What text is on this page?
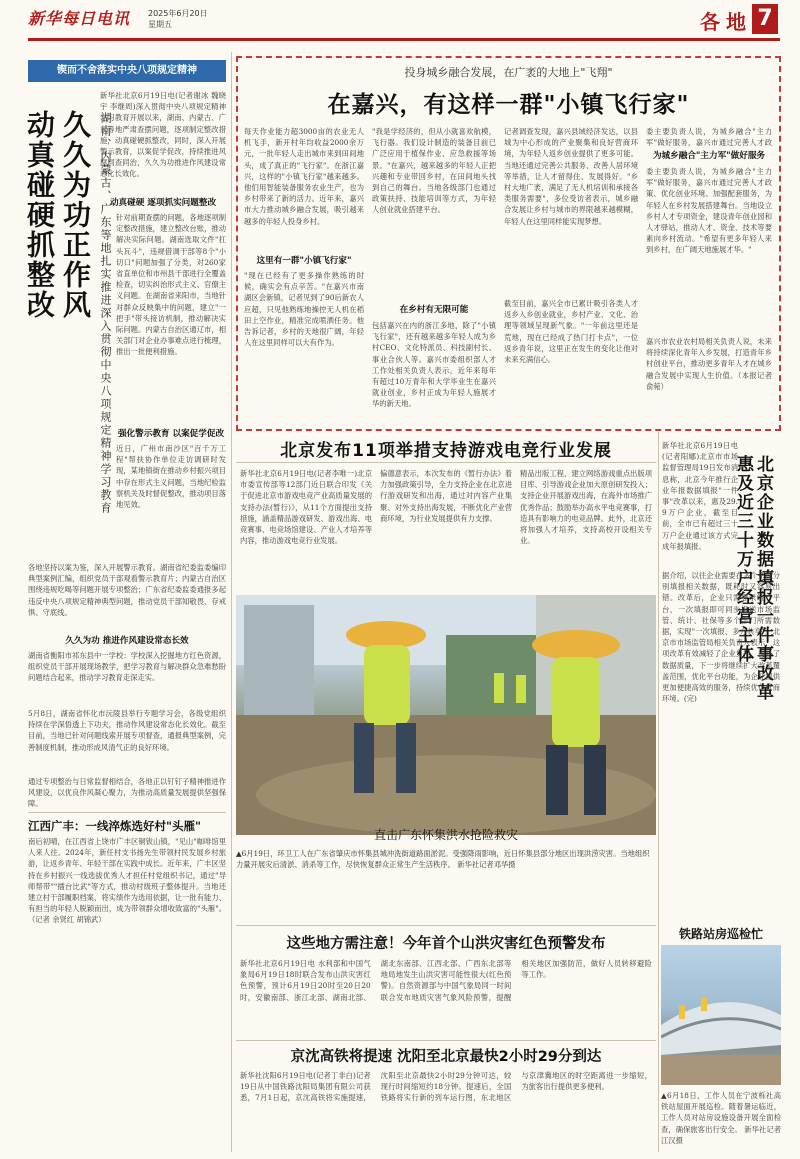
新华每日电讯 2025年6月20日
星期五	各地 7
锲而不舍落实中央八项规定精神
动真碰硬抓整改 久久为功正作风 湖南、内蒙古、广东等地扎实推进深入贯彻中央八项规定精神学习教育
新华社北京6月19日电(记者谢冰 魏晓宇 李继周)深入贯彻中央八项规定精神学习教育开展以来，湖南、内蒙古、广东等地严肃查摆问题，逐项制定整改措施，动真碰硬抓整改，同时，深入开展警示教育，以案促学促改，持续推进风腐同查同治，久久为功推进作风建设常态化长效化。
动真碰硬 逐项抓实问题整改
针对前期查摆的问题，各地逐项制定整改措施，建立整改台账，推动解决实际问题。湖南选取文件"扛头瓦斗"，违规借调干部等8个"小切口"问题加强了分类，对260家省直单位和市州县干部进行全覆盖检查，切实纠治形式主义、官僚主义问题。在湖南省来阳市，当地针对群众反映集中的问题，建立"一把手"带头接访机制，推动解决实际问题。内蒙古自治区通辽市，相关部门对企业办事难点进行梳理，推出一批便利措施。
强化警示教育 以案促学促改
近日，广州市南沙区"百千万工程"帮扶协作单位走访调研时发现，某地镇街在推动乡村振兴项目中存在形式主义问题，当地纪检监察机关及时督促整改，推动项目落地见效。
各地坚持以案为鉴，深入开展警示教育。湖南省纪委监委编印典型案例汇编，组织党员干部观看警示教育片；内蒙古自治区围绕违规吃喝等问题开展专项整治；广东省纪委监委通报多起违反中央八项规定精神典型问题，推动党员干部知敬畏、存戒惧、守底线。
久久为功 推进作风建设常态长效
湖南省衡阳市祁东县中一学校：学校深入挖掘地方红色资源，组织党员干部开展现场教学，把学习教育与解决群众急难愁盼问题结合起来，推动学习教育走深走实。
5月8日，湖南省怀化市沅陵县举行专题学习会，各级党组织持续在学深悟透上下功夫，推动作风建设常态化长效化。截至目前，当地已针对问题线索开展专项督查，通报典型案例，完善制度机制，推动形成风清气正的良好环境。
通过专项整治与日常监督相结合，各地正以钉钉子精神推进作风建设，以优良作风凝心聚力，为推动高质量发展提供坚强保障。
江西广丰：一线淬炼选好村"头雁"
南后初晴，在江西省上饶市广丰区铜钹山镇，"见山"咖啡馆里人来人往。2024年，新任村支书扬先生带领村民发展乡村旅游，让返乡青年、年轻干部在实践中成长。近年来，广丰区坚持在乡村振兴一线选拔优秀人才担任村党组织书记，通过"导师帮带""擂台比武"等方式，推动村级班子整体提升。当地还建立村干部履职档案，将实绩作为选用依据，让一批有能力、有担当的年轻人脱颖而出，成为带领群众增收致富的"头雁"。（记者 余贤红 胡锦武）
投身城乡融合发展，在广袤的大地上"飞翔"
在嘉兴，有这样一群"小镇飞行家"
每天作业能力超3000亩的农业无人机飞手，新开村年均收益2000余万元，一批年轻人走出城市来到田间地头，成了真正的"飞行家"。在浙江嘉兴，这样的"小镇飞行家"越来越多。他们用智能装备服务农业生产，也为乡村带来了新的活力。近年来，嘉兴市大力推动城乡融合发展，吸引越来越多的年轻人投身乡村。
这里有一群"小镇飞行家"
"现在已经有了更多操作熟练的时候，确实会有点辛苦。"在嘉兴市南湖区会新镇，记者见到了90后新农人应超，只见他熟练地操控无人机在稻田上空作业，精准完成喷洒任务。他告诉记者，乡村的天地很广阔，年轻人在这里同样可以大有作为。
"我是学经济的，但从小就喜欢航模，飞行器。我们设计制造的装备目前已广泛应用于植保作业、应急救援等场景。"在嘉兴，越来越多的年轻人正把兴趣和专业带回乡村，在田间地头找到自己的舞台。当地各级部门也通过政策扶持、技能培训等方式，为年轻人创业就业搭建平台。
在乡村有无限可能
包括嘉兴在内的浙江多地，除了"小镇飞行家"，还有越来越多年轻人成为乡村CEO、文化特派员、科技副村长、事业合伙人等。嘉兴市委组织部人才工作处相关负责人表示，近年来每年有超过10万青年和大学毕业生在嘉兴就业创业，乡村正成为年轻人施展才华的新天地。
记者调查发现，嘉兴县域经济发达，以县城为中心形成的产业聚集和良好营商环境，为年轻人返乡创业提供了更多可能。当地还通过完善公共服务、改善人居环境等举措，让人才留得住、发展得好。"乡村大地广袤，满足了无人机培训和承接各类服务需要"，多位受访者表示，城乡融合发展让乡村与城市的界限越来越模糊，年轻人在这里同样能实现梦想。
截至目前，嘉兴全市已累计吸引各类人才返乡入乡创业就业，乡村产业、文化、治理等领域呈现新气象。"一年前这里还是荒地，现在已经成了热门打卡点"，一位返乡青年说，这里正在发生的变化让他对未来充满信心。
委主要负责人说，为城乡融合"主力军"做好服务，嘉兴市通过完善人才政
为城乡融合"主力军"做好服务
委主要负责人说，为城乡融合"主力军"做好服务，嘉兴市通过完善人才政策、优化创业环境、加强配套服务，为年轻人在乡村发展搭建舞台。当地设立乡村人才专项资金，建设青年创业园和人才驿站，推动人才、资金、技术等要素向乡村流动。"希望有更多年轻人来到乡村，在广阔天地施展才华。"
嘉兴市农业农村局相关负责人说，未来将持续深化青年入乡发展，打造青年乡村创业平台，推动更多青年人才在城乡融合发展中实现人生价值。（本报记者俞菀）
北京发布11项举措支持游戏电竞行业发展
新华社北京6月19日电(记者李唯一)北京市委宣传部等12部门近日联合印发《关于促进北京市游戏电竞产业高质量发展的支持办法(暂行)》，从11个方面提出支持措施，涵盖精品游戏研发、游戏出海、电竞赛事、电竞场馆建设、产业人才培养等内容，推动游戏电竞行业发展。
偏德意表示，本次发布的《暂行办法》着力加强政策引导，全力支持企业在北京进行游戏研发和出海，通过对内容产业集聚、对外支持出海发展，不断优化产业营商环境，为行业发展提供有力支撑。
精品出版工程、建立网络游戏重点出版项目库、引导游戏企业加大原创研发投入；支持企业开展游戏出海，在海外市场推广优秀作品；鼓励举办高水平电竞赛事，打造具有影响力的电竞品牌。此外，北京还将加强人才培养，支持高校开设相关专业。
直击广东怀集洪水抢险救灾
▲6月19日，环卫工人在广东省肇庆市怀集县城冲洗街道路面淤泥。受强降雨影响，近日怀集县部分地区出现洪涝灾害。当地组织力量开展灾后清淤、消杀等工作，尽快恢复群众正常生产生活秩序。 新华社记者邓华摄
这些地方需注意！今年首个山洪灾害红色预警发布
新华社北京6月19日电 水利部和中国气象局6月19日18时联合发布山洪灾害红色预警，预计6月19日20时至20日20时，安徽南部、浙江北部、湖南北部、湖北东南部、江西北部、广西东北部等地局地发生山洪灾害可能性很大(红色预警)。自然资源部与中国气象局同一时间联合发布地质灾害气象风险预警，提醒相关地区加强防范，做好人员转移避险等工作。
京沈高铁将提速 沈阳至北京最快2小时29分到达
新华社沈阳6月19日电(记者丁非白)记者19日从中国铁路沈阳局集团有限公司获悉，7月1日起，京沈高铁将实施提速，沈阳至北京最快2小时29分钟可达，较现行时间缩短约18分钟。提速后，全国铁路将实行新的列车运行图，东北地区与京津冀地区的时空距离进一步缩短，为旅客出行提供更多便利。
新华社北京6月19日电(记者阳娜)北京市市场监督管理局19日发布消息称，北京今年推行企业年报数据填报"一件事"改革以来，惠及29.9万户企业，截至目前，全市已有超过三十万户企业通过该方式完成年报填报。	北京企业数据填报一件事改革
惠及近三十万户经营主体
据介绍，以往企业需要在多个系统分别填报相关数据，既耗时又容易出错。改革后，企业只需登录统一平台，一次填报即可同步报送市场监管、统计、社保等多个部门所需数据，实现"一次填报、多方共享"。北京市市场监管局相关负责人表示，这项改革有效减轻了企业负担，提升了数据质量，下一步将继续扩大改革覆盖范围，优化平台功能，为企业提供更加便捷高效的服务，持续优化营商环境。(完)
铁路站房巡检忙
▲6月18日，工作人员在宁波栎社高铁站屋面开展巡检。随着暑运临近，工作人员对站房设施设备开展全面检查，确保旅客出行安全。 新华社记者 江汉摄
